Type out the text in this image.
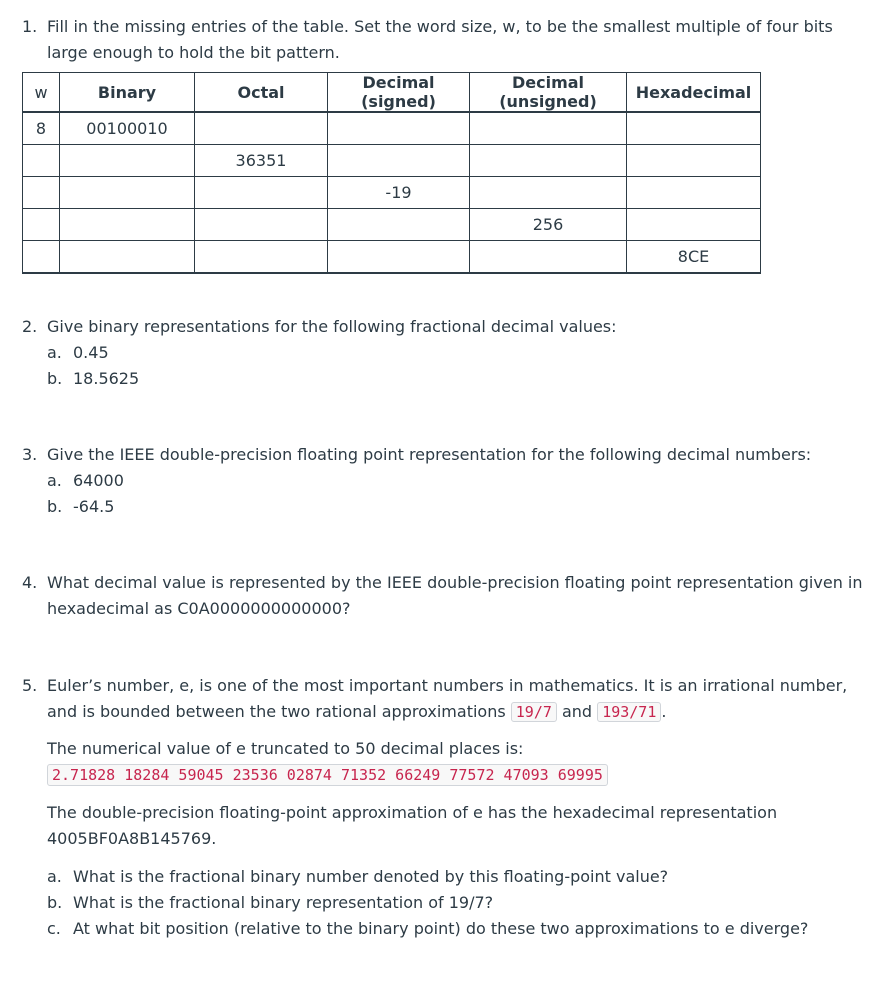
1. Fill in the missing entries of the table. Set the word size, w, to be the smallest multiple of four bits large enough to hold the bit pattern.
w	Binary	Octal	Decimal (signed)	Decimal (unsigned)	Hexadecimal
8	00100010				
		36351			
			-19		
				256	
					8CE
2. Give binary representations for the following fractional decimal values:
a. 0.45
b. 18.5625
3. Give the IEEE double-precision floating point representation for the following decimal numbers:
a. 64000
b. -64.5
4. What decimal value is represented by the IEEE double-precision floating point representation given in hexadecimal as C0A0000000000000?
5. Euler’s number, e, is one of the most important numbers in mathematics. It is an irrational number, and is bounded between the two rational approximations 19/7 and 193/71 .
The numerical value of e truncated to 50 decimal places is:
2.71828 18284 59045 23536 02874 71352 66249 77572 47093 69995
The double-precision floating-point approximation of e has the hexadecimal representation 4005BF0A8B145769.
a. What is the fractional binary number denoted by this floating-point value?
b. What is the fractional binary representation of 19/7?
c. At what bit position (relative to the binary point) do these two approximations to e diverge?
